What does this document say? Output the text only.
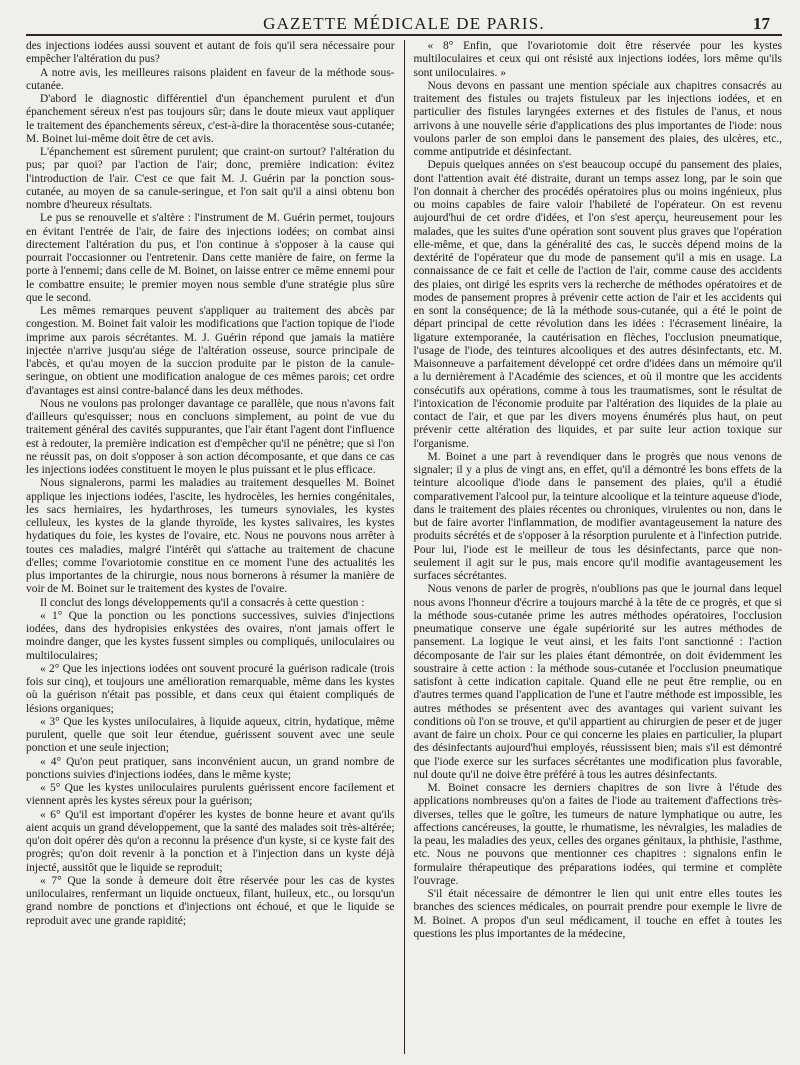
GAZETTE MÉDICALE DE PARIS.	17

des injections iodées aussi souvent et autant de fois qu'il sera nécessaire pour empêcher l'altération du pus?

A notre avis, les meilleures raisons plaident en faveur de la méthode sous-cutanée.

D'abord le diagnostic différentiel d'un épanchement purulent et d'un épanchement séreux n'est pas toujours sûr; dans le doute mieux vaut appliquer le traitement des épanchements séreux, c'est-à-dire la thoracentèse sous-cutanée; M. Boinet lui-même doit être de cet avis.

L'épanchement est sûrement purulent; que craint-on surtout? l'altération du pus; par quoi? par l'action de l'air; donc, première indication: évitez l'introduction de l'air. C'est ce que fait M. J. Guérin par la ponction sous-cutanée, au moyen de sa canule-seringue, et l'on sait qu'il a ainsi obtenu bon nombre d'heureux résultats.

Le pus se renouvelle et s'altère : l'instrument de M. Guérin permet, toujours en évitant l'entrée de l'air, de faire des injections iodées; on combat ainsi directement l'altération du pus, et l'on continue à s'opposer à la cause qui pourrait l'occasionner ou l'entretenir. Dans cette manière de faire, on ferme la porte à l'ennemi; dans celle de M. Boinet, on laisse entrer ce même ennemi pour le combattre ensuite; le premier moyen nous semble d'une stratégie plus sûre que le second.

Les mêmes remarques peuvent s'appliquer au traitement des abcès par congestion. M. Boinet fait valoir les modifications que l'action topique de l'iode imprime aux parois sécrétantes. M. J. Guérin répond que jamais la matière injectée n'arrive jusqu'au siége de l'altération osseuse, source principale de l'abcès, et qu'au moyen de la succion produite par le piston de la canule-seringue, on obtient une modification analogue de ces mêmes parois; cet ordre d'avantages est ainsi contre-balancé dans les deux méthodes.

Nous ne voulons pas prolonger davantage ce parallèle, que nous n'avons fait d'ailleurs qu'esquisser; nous en concluons simplement, au point de vue du traitement général des cavités suppurantes, que l'air étant l'agent dont l'influence est à redouter, la première indication est d'empêcher qu'il ne pénètre; que si l'on ne réussit pas, on doit s'opposer à son action décomposante, et que dans ce cas les injections iodées constituent le moyen le plus puissant et le plus efficace.

Nous signalerons, parmi les maladies au traitement desquelles M. Boinet applique les injections iodées, l'ascite, les hydrocèles, les hernies congénitales, les sacs herniaires, les hydarthroses, les tumeurs synoviales, les kystes celluleux, les kystes de la glande thyroïde, les kystes salivaires, les kystes hydatiques du foie, les kystes de l'ovaire, etc. Nous ne pouvons nous arrêter à toutes ces maladies, malgré l'intérêt qui s'attache au traitement de chacune d'elles; comme l'ovariotomie constitue en ce moment l'une des actualités les plus importantes de la chirurgie, nous nous bornerons à résumer la manière de voir de M. Boinet sur le traitement des kystes de l'ovaire.

Il conclut des longs développements qu'il a consacrés à cette question :

« 1° Que la ponction ou les ponctions successives, suivies d'injections iodées, dans des hydropisies enkystées des ovaires, n'ont jamais offert le moindre danger, que les kystes fussent simples ou compliqués, uniloculaires ou multiloculaires;

« 2° Que les injections iodées ont souvent procuré la guérison radicale (trois fois sur cinq), et toujours une amélioration remarquable, même dans les kystes où la guérison n'était pas possible, et dans ceux qui étaient compliqués de lésions organiques;

« 3° Que les kystes uniloculaires, à liquide aqueux, citrin, hydatique, même purulent, quelle que soit leur étendue, guérissent souvent avec une seule ponction et une seule injection;

« 4° Qu'on peut pratiquer, sans inconvénient aucun, un grand nombre de ponctions suivies d'injections iodées, dans le même kyste;

« 5° Que les kystes uniloculaires purulents guérissent encore facilement et viennent après les kystes séreux pour la guérison;

« 6° Qu'il est important d'opérer les kystes de bonne heure et avant qu'ils aient acquis un grand développement, que la santé des malades soit très-altérée; qu'on doit opérer dès qu'on a reconnu la présence d'un kyste, si ce kyste fait des progrès; qu'on doit revenir à la ponction et à l'injection dans un kyste déjà injecté, aussitôt que le liquide se reproduit;

« 7° Que la sonde à demeure doit être réservée pour les cas de kystes uniloculaires, renfermant un liquide onctueux, filant, huileux, etc., ou lorsqu'un grand nombre de ponctions et d'injections ont échoué, et que le liquide se reproduit avec une grande rapidité;

« 8° Enfin, que l'ovariotomie doit être réservée pour les kystes multiloculaires et ceux qui ont résisté aux injections iodées, lors même qu'ils sont uniloculaires. »

Nous devons en passant une mention spéciale aux chapitres consacrés au traitement des fistules ou trajets fistuleux par les injections iodées, et en particulier des fistules laryngées externes et des fistules de l'anus, et nous arrivons à une nouvelle série d'applications des plus importantes de l'iode: nous voulons parler de son emploi dans le pansement des plaies, des ulcères, etc., comme antiputride et désinfectant.

Depuis quelques années on s'est beaucoup occupé du pansement des plaies, dont l'attention avait été distraite, durant un temps assez long, par le soin que l'on donnait à chercher des procédés opératoires plus ou moins ingénieux, plus ou moins capables de faire valoir l'habileté de l'opérateur. On est revenu aujourd'hui de cet ordre d'idées, et l'on s'est aperçu, heureusement pour les malades, que les suites d'une opération sont souvent plus graves que l'opération elle-même, et que, dans la généralité des cas, le succès dépend moins de la dextérité de l'opérateur que du mode de pansement qu'il a mis en usage. La connaissance de ce fait et celle de l'action de l'air, comme cause des accidents des plaies, ont dirigé les esprits vers la recherche de méthodes opératoires et de modes de pansement propres à prévenir cette action de l'air et les accidents qui en sont la conséquence; de là la méthode sous-cutanée, qui a été le point de départ principal de cette révolution dans les idées : l'écrasement linéaire, la ligature extemporanée, la cautérisation en flèches, l'occlusion pneumatique, l'usage de l'iode, des teintures alcooliques et des autres désinfectants, etc. M. Maisonneuve a parfaitement développé cet ordre d'idées dans un mémoire qu'il a lu dernièrement à l'Académie des sciences, et où il montre que les accidents consécutifs aux opérations, comme à tous les traumatismes, sont le résultat de l'intoxication de l'économie produite par l'altération des liquides de la plaie au contact de l'air, et que par les divers moyens énumérés plus haut, on peut prévenir cette altération des liquides, et par suite leur action toxique sur l'organisme.

M. Boinet a une part à revendiquer dans le progrès que nous venons de signaler; il y a plus de vingt ans, en effet, qu'il a démontré les bons effets de la teinture alcoolique d'iode dans le pansement des plaies, qu'il a étudié comparativement l'alcool pur, la teinture alcoolique et la teinture aqueuse d'iode, dans le traitement des plaies récentes ou chroniques, virulentes ou non, dans le but de faire avorter l'inflammation, de modifier avantageusement la nature des produits sécrétés et de s'opposer à la résorption purulente et à l'infection putride. Pour lui, l'iode est le meilleur de tous les désinfectants, parce que non-seulement il agit sur le pus, mais encore qu'il modifie avantageusement les surfaces sécrétantes.

Nous venons de parler de progrès, n'oublions pas que le journal dans lequel nous avons l'honneur d'écrire a toujours marché à la tête de ce progrès, et que si la méthode sous-cutanée prime les autres méthodes opératoires, l'occlusion pneumatique conserve une égale supériorité sur les autres méthodes de pansement. La logique le veut ainsi, et les faits l'ont sanctionné : l'action décomposante de l'air sur les plaies étant démontrée, on doit évidemment les soustraire à cette action : la méthode sous-cutanée et l'occlusion pneumatique satisfont à cette indication capitale. Quand elle ne peut être remplie, ou en d'autres termes quand l'application de l'une et l'autre méthode est impossible, les autres méthodes se présentent avec des avantages qui varient suivant les conditions où l'on se trouve, et qu'il appartient au chirurgien de peser et de juger avant de faire un choix. Pour ce qui concerne les plaies en particulier, la plupart des désinfectants aujourd'hui employés, réussissent bien; mais s'il est démontré que l'iode exerce sur les surfaces sécrétantes une modification plus favorable, nul doute qu'il ne doive être préféré à tous les autres désinfectants.

M. Boinet consacre les derniers chapitres de son livre à l'étude des applications nombreuses qu'on a faites de l'iode au traitement d'affections très-diverses, telles que le goître, les tumeurs de nature lymphatique ou autre, les affections cancéreuses, la goutte, le rhumatisme, les névralgies, les maladies de la peau, les maladies des yeux, celles des organes génitaux, la phthisie, l'asthme, etc. Nous ne pouvons que mentionner ces chapitres : signalons enfin le formulaire thérapeutique des préparations iodées, qui termine et complète l'ouvrage.

S'il était nécessaire de démontrer le lien qui unit entre elles toutes les branches des sciences médicales, on pourrait prendre pour exemple le livre de M. Boinet. A propos d'un seul médicament, il touche en effet à toutes les questions les plus importantes de la médecine,
